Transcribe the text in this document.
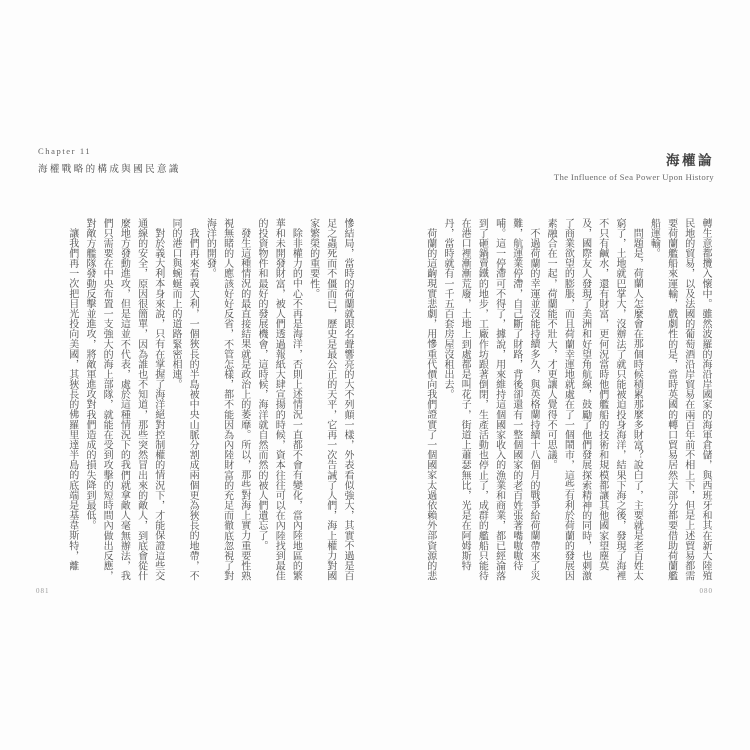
Chapter 11
海權戰略的構成與國民意識

慘結局，當時的荷蘭就跟名聲響亮的大不列顛一樣，外表看似強大，其實不過是百足之蟲死而不僵而已，歷史是最公正的天平，它再一次告誡了人們，海上權力對國家繁榮的重要性。

除非權力的中心不再是海洋，否則上述情況一直都不會有變化，當內陸地區的繁華和未開發財富，被人們透過報紙大肆宣揚的時候，資本往往可以在內陸找到最佳的投資物件和最好的發展機會，這時候，海洋就自然而然的被人們遺忘了。

發生這種情況的最直接結果就是政治上的萎靡。所以，那些對海上實力重要性熟視無睹的人應該好好反省，不管怎樣，都不能因為內陸財富的充足而徹底忽視了對海洋的開發。

我們再來看義大利，一個狹長的半島被中央山脈分割成兩個更為狹長的地帶，不同的港口與蜿蜒而上的道路緊密相連。

對於義大利本身來說，只有在掌握了海洋絕對控制權的情況下，才能保證這些交通線的安全，原因很簡單，因為誰也不知道，那些突然冒出來的敵人，到底會從什麼地方發動進攻，但是這並不代表，處於這種情況下的我們就拿敵人毫無辦法，我們只需要在中央布置一支強大的海上部隊，就能在受到攻擊的短時間內做出反應，對敵方艦隊發動反擊並進攻，將敵軍進攻對我們造成的損失降到最低。

讓我們再一次把目光投向美國，其狹長的佛羅里達半島的底端是基韋斯特，離

081
海權論
The Influence of Sea Power Upon History

轉生意都攬入懷中。雖然波羅的海沿岸國家的海軍倉儲，與西班牙和其在新大陸殖民地的貿易，以及法國的葡萄酒沿岸貿易在兩百年前不相上下，但是上述貿易都需要荷蘭艦船來運輸，戲劇性的是，當時英國的轉口貿易居然大部分都要借助荷蘭艦船運輸。

問題是，荷蘭人怎麼會在那個時候積累那麼多財富？說白了，主要就是老百姓太窮了，土地就巴掌大，沒辦法了就只能被迫投身海洋，結果下海之後，發現了海裡不只有鹹水，還有財富，更何況當時他們艦船的技術和規模都讓其他國家望塵莫及，國際友人發現了美洲和好望角航線，鼓勵了他們發展探索精神的同時，也刺激了商業欲望的膨脹，而且荷蘭幸運地就處在了一個鬧市，這些有利於荷蘭的發展因素融合在一起，荷蘭能不壯大，才更讓人覺得不可思議。

不過荷蘭的幸運並沒能持續多久，與英格蘭持續十八個月的戰爭給荷蘭帶來了災難，航運業停滯，自己斷了財路，背後卻還有一整個國家的老百姓張著嘴嗷嗷待哺。這一停滯可不得了，據說，用來維持這個國家收入的漁業和商業，都已經淪落到了砸鍋賣鐵的地步，工廠作坊跟著倒閉，生產活動也停止了，成群的艦船只能待在港口裡漸漸荒廢，土地上到處都是叫花子，街道上蕭瑟無比，光是在阿姆斯特丹，當時就有一千五百套房屋沒租出去。

荷蘭的這齣現實悲劇，用慘重代價向我們證實了一個國家太過依賴外部資源的悲

080
